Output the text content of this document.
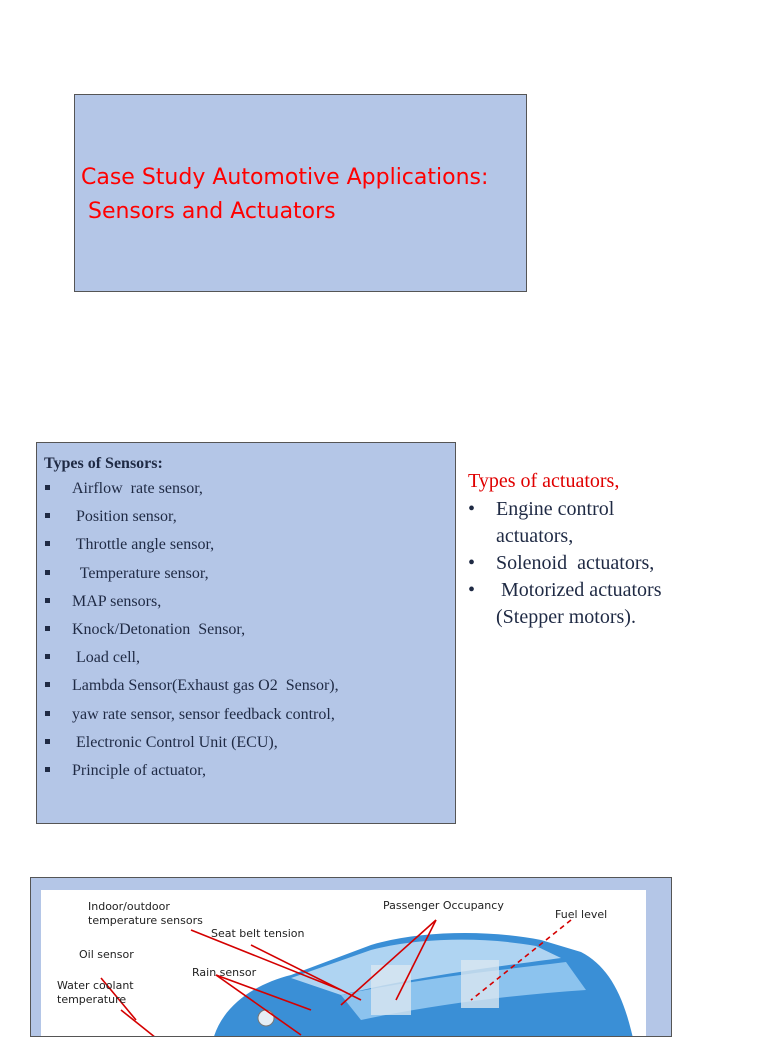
Case Study Automotive Applications:
Sensors and Actuators
Types of Sensors:
Airflow  rate sensor,
Position sensor,
Throttle angle sensor,
Temperature sensor,
MAP sensors,
Knock/Detonation  Sensor,
Load cell,
Lambda Sensor(Exhaust gas O2  Sensor),
yaw rate sensor, sensor feedback control,
Electronic Control Unit (ECU),
Principle of actuator,
Types of actuators,
• Engine control
actuators,
• Solenoid  actuators,
• Motorized actuators
(Stepper motors).
Indoor/outdoor
temperature sensors
Seat belt tension
Passenger Occupancy
Fuel level
Oil sensor
Rain sensor
Water coolant
temperature
